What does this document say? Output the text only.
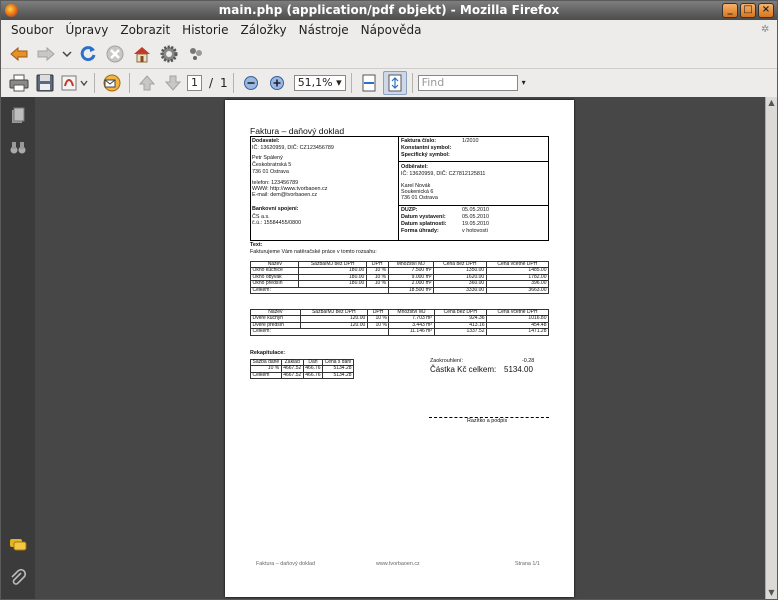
main.php (application/pdf objekt) - Mozilla Firefox	_	□ ×
Soubor	Úpravy	Zobrazit	Historie	Záložky	Nástroje	Nápověda	✲
1 / 1	51,1% ▾	Find	▾
Faktura – daňový doklad
Dodavatel:
IČ: 13620959, DIČ: CZ123456789
Petr Spálený
Českobratrská 5
736 01 Ostrava
telefon: 123456789
WWW: http://www.tvorbaoen.cz
E-mail: dem@tvorbaoen.cz
Bankovní spojení:
ČS a.s.
č.ú.: 15584455/0800
Faktura číslo:	1/2010
Konstantní symbol:
Specifický symbol:
Odběratel:
IČ: 13620959, DIČ: CZ7812125811
Karel Novák
Soukenická 6
736 01 Ostrava
DUZP:	05.05.2010
Datum vystavení:	05.05.2010
Datum splatnosti:	19.05.2010
Forma úhrady:	v hotovosti
Text:
Fakturujeme Vám natěračské práce v tomto rozsahu:
Název	Sazba/MJ bez DPH	DPH	Množství MJ	Cena bez DPH	Cena včetně DPH
Okno kůchice	180.00	10 %	7.500 m²	1350.00	1485.00
Okno obývák	180.00	10 %	9.000 m²	1620.00	1782.00
Okno předsíň	180.00	10 %	2.000 m²	360.00	396.00
Celkem:			18.500 m²	3330.00	3663.00
Název	Sazba/MJ bez DPH	DPH	Množství MJ	Cena bez DPH	Cena včetně DPH
Dveře kuchyň	120.00	10 %	7.703 m²	924.36	1016.80
Dveře předsíň	120.00	10 %	3.443 m²	413.16	454.48
Celkem:			11.146 m²	1337.52	1471.28
Rekapitulace:
Sazba daně	Základ	Daň	Cena s daní
10 %	4667.52	466.76	5134.28
Celkem	4667.52	466.76	5134.28
Zaokrouhlení:	-0.28
Částka Kč celkem: 5134.00
Razítko a podpis
Faktura – daňový doklad	www.tvorbaoen.cz	Strana 1/1
▲
▼
